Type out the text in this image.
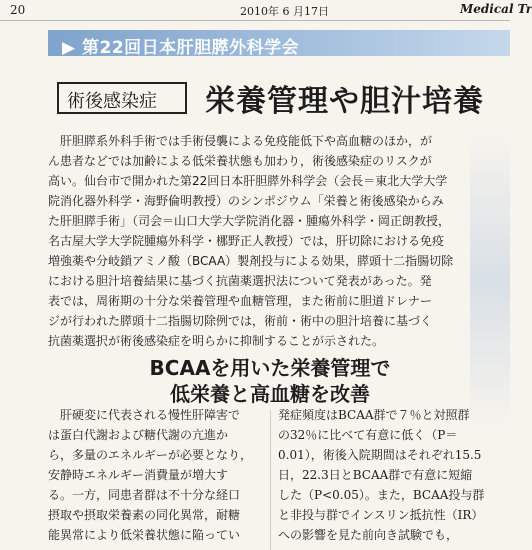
20	2010年 6 月17日	Medical Tr
▶ 第22回日本肝胆膵外科学会
術後感染症 栄養管理や胆汁培養
肝胆膵系外科手術では手術侵襲による免疫能低下や高血糖のほか，が
ん患者などでは加齢による低栄養状態も加わり，術後感染症のリスクが
高い。仙台市で開かれた第22回日本肝胆膵外科学会（会長＝東北大学大学
院消化器外科学・海野倫明教授）のシンポジウム「栄養と術後感染からみ
た肝胆膵手術」（司会＝山口大学大学院消化器・腫瘍外科学・岡正朗教授，
名古屋大学大学院腫瘍外科学・梛野正人教授）では，肝切除における免疫
増強薬や分岐鎖アミノ酸（BCAA）製剤投与による効果，膵頭十二指腸切除
における胆汁培養結果に基づく抗菌薬選択法について発表があった。発
表では，周術期の十分な栄養管理や血糖管理，また術前に胆道ドレナー
ジが行われた膵頭十二指腸切除例では，術前・術中の胆汁培養に基づく
抗菌薬選択が術後感染症を明らかに抑制することが示された。
BCAAを用いた栄養管理で
低栄養と高血糖を改善
肝硬変に代表される慢性肝障害で
は蛋白代謝および糖代謝の亢進か
ら，多量のエネルギーが必要となり，
安静時エネルギー消費量が増大す
る。一方，同患者群は不十分な経口
摂取や摂取栄養素の同化異常，耐糖
能異常により低栄養状態に陥ってい
発症頻度はBCAA群で７％と対照群
の32％に比べて有意に低く（P＝
0.01），術後入院期間はそれぞれ15.5
日，22.3日とBCAA群で有意に短縮
した（P<0.05）。また，BCAA投与群
と非投与群でインスリン抵抗性（IR）
への影響を見た前向き試験でも，
